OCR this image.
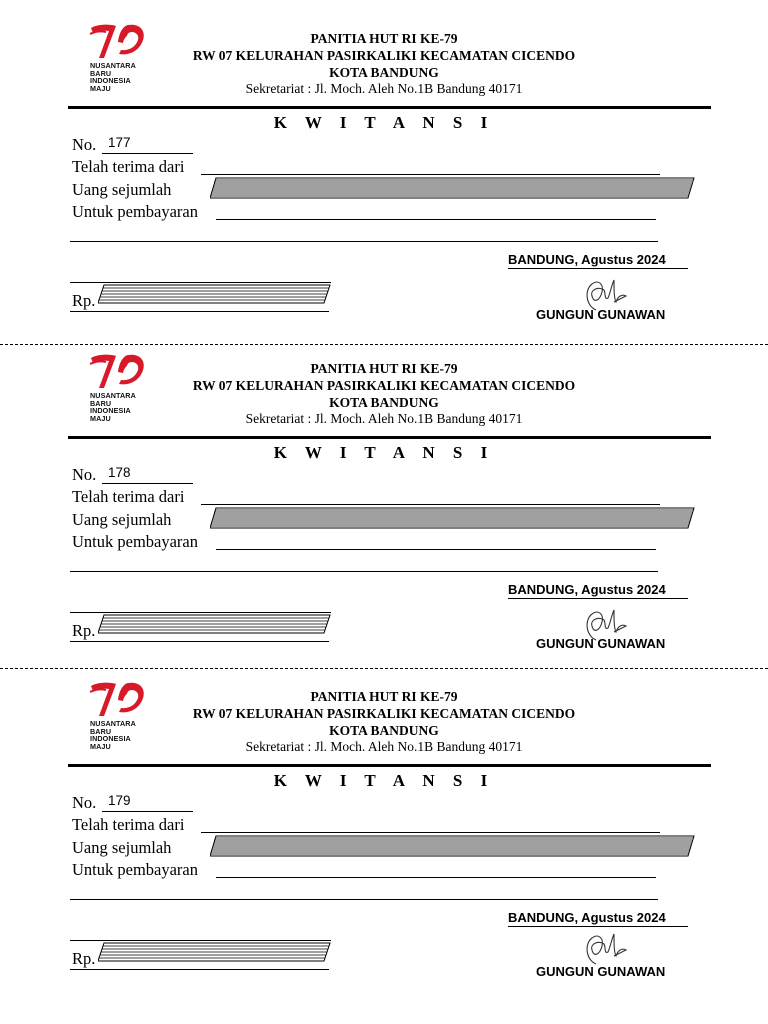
NUSANTARA
BARU
INDONESIA
MAJU
PANITIA HUT RI KE-79
RW 07 KELURAHAN PASIRKALIKI KECAMATAN CICENDO
KOTA BANDUNG
Sekretariat : Jl. Moch. Aleh No.1B Bandung 40171
K W I T A N S I
No. 177
Telah terima dari
Uang sejumlah
Untuk pembayaran
BANDUNG, Agustus 2024
Rp.
GUNGUN GUNAWAN
NUSANTARA
BARU
INDONESIA
MAJU
PANITIA HUT RI KE-79
RW 07 KELURAHAN PASIRKALIKI KECAMATAN CICENDO
KOTA BANDUNG
Sekretariat : Jl. Moch. Aleh No.1B Bandung 40171
K W I T A N S I
No. 178
Telah terima dari
Uang sejumlah
Untuk pembayaran
BANDUNG, Agustus 2024
Rp.
GUNGUN GUNAWAN
NUSANTARA
BARU
INDONESIA
MAJU
PANITIA HUT RI KE-79
RW 07 KELURAHAN PASIRKALIKI KECAMATAN CICENDO
KOTA BANDUNG
Sekretariat : Jl. Moch. Aleh No.1B Bandung 40171
K W I T A N S I
No. 179
Telah terima dari
Uang sejumlah
Untuk pembayaran
BANDUNG, Agustus 2024
Rp.
GUNGUN GUNAWAN
